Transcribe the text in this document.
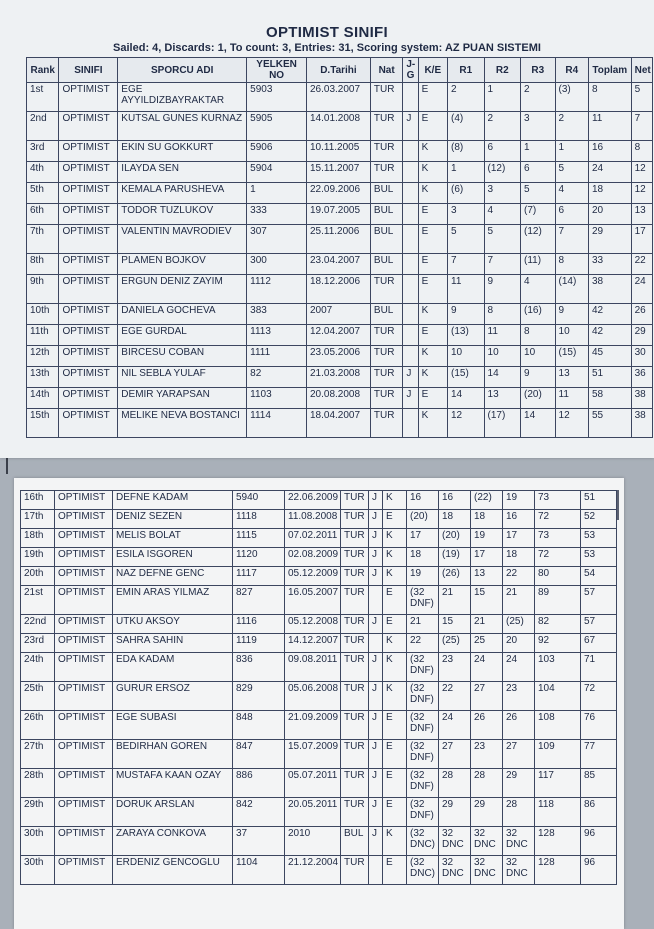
OPTIMIST SINIFI
Sailed: 4, Discards: 1, To count: 3, Entries: 31, Scoring system: AZ PUAN SISTEMI
Rank	SINIFI	SPORCU ADI	YELKEN NO	D.Tarihi	Nat	J-G	K/E	R1	R2	R3	R4	Toplam	Net
1st	OPTIMIST	EGE AYYILDIZBAYRAKTAR	5903	26.03.2007	TUR		E	2	1	2	(3)	8	5
2nd	OPTIMIST	KUTSAL GUNES KURNAZ	5905	14.01.2008	TUR	J	E	(4)	2	3	2	11	7
3rd	OPTIMIST	EKIN SU GOKKURT	5906	10.11.2005	TUR		K	(8)	6	1	1	16	8
4th	OPTIMIST	ILAYDA SEN	5904	15.11.2007	TUR		K	1	(12)	6	5	24	12
5th	OPTIMIST	KEMALA PARUSHEVA	1	22.09.2006	BUL		K	(6)	3	5	4	18	12
6th	OPTIMIST	TODOR TUZLUKOV	333	19.07.2005	BUL		E	3	4	(7)	6	20	13
7th	OPTIMIST	VALENTIN MAVRODIEV	307	25.11.2006	BUL		E	5	5	(12)	7	29	17
8th	OPTIMIST	PLAMEN BOJKOV	300	23.04.2007	BUL		E	7	7	(11)	8	33	22
9th	OPTIMIST	ERGUN DENIZ ZAYIM	1112	18.12.2006	TUR		E	11	9	4	(14)	38	24
10th	OPTIMIST	DANIELA GOCHEVA	383	2007	BUL		K	9	8	(16)	9	42	26
11th	OPTIMIST	EGE GURDAL	1113	12.04.2007	TUR		E	(13)	11	8	10	42	29
12th	OPTIMIST	BIRCESU COBAN	1111	23.05.2006	TUR		K	10	10	10	(15)	45	30
13th	OPTIMIST	NIL SEBLA YULAF	82	21.03.2008	TUR	J	K	(15)	14	9	13	51	36
14th	OPTIMIST	DEMIR YARAPSAN	1103	20.08.2008	TUR	J	E	14	13	(20)	11	58	38
15th	OPTIMIST	MELIKE NEVA BOSTANCI	1114	18.04.2007	TUR		K	12	(17)	14	12	55	38
16th	OPTIMIST	DEFNE KADAM	5940	22.06.2009	TUR	J	K	16	16	(22)	19	73	51
17th	OPTIMIST	DENIZ SEZEN	1118	11.08.2008	TUR	J	E	(20)	18	18	16	72	52
18th	OPTIMIST	MELIS BOLAT	1115	07.02.2011	TUR	J	K	17	(20)	19	17	73	53
19th	OPTIMIST	ESILA ISGOREN	1120	02.08.2009	TUR	J	K	18	(19)	17	18	72	53
20th	OPTIMIST	NAZ DEFNE GENC	1117	05.12.2009	TUR	J	K	19	(26)	13	22	80	54
21st	OPTIMIST	EMIN ARAS YILMAZ	827	16.05.2007	TUR		E	(32 DNF)	21	15	21	89	57
22nd	OPTIMIST	UTKU AKSOY	1116	05.12.2008	TUR	J	E	21	15	21	(25)	82	57
23rd	OPTIMIST	SAHRA SAHIN	1119	14.12.2007	TUR		K	22	(25)	25	20	92	67
24th	OPTIMIST	EDA KADAM	836	09.08.2011	TUR	J	K	(32 DNF)	23	24	24	103	71
25th	OPTIMIST	GURUR ERSOZ	829	05.06.2008	TUR	J	K	(32 DNF)	22	27	23	104	72
26th	OPTIMIST	EGE SUBASI	848	21.09.2009	TUR	J	E	(32 DNF)	24	26	26	108	76
27th	OPTIMIST	BEDIRHAN GOREN	847	15.07.2009	TUR	J	E	(32 DNF)	27	23	27	109	77
28th	OPTIMIST	MUSTAFA KAAN OZAY	886	05.07.2011	TUR	J	E	(32 DNF)	28	28	29	117	85
29th	OPTIMIST	DORUK ARSLAN	842	20.05.2011	TUR	J	E	(32 DNF)	29	29	28	118	86
30th	OPTIMIST	ZARAYA CONKOVA	37	2010	BUL	J	K	(32 DNC)	32 DNC	32 DNC	32 DNC	128	96
30th	OPTIMIST	ERDENIZ GENCOGLU	1104	21.12.2004	TUR		E	(32 DNC)	32 DNC	32 DNC	32 DNC	128	96
